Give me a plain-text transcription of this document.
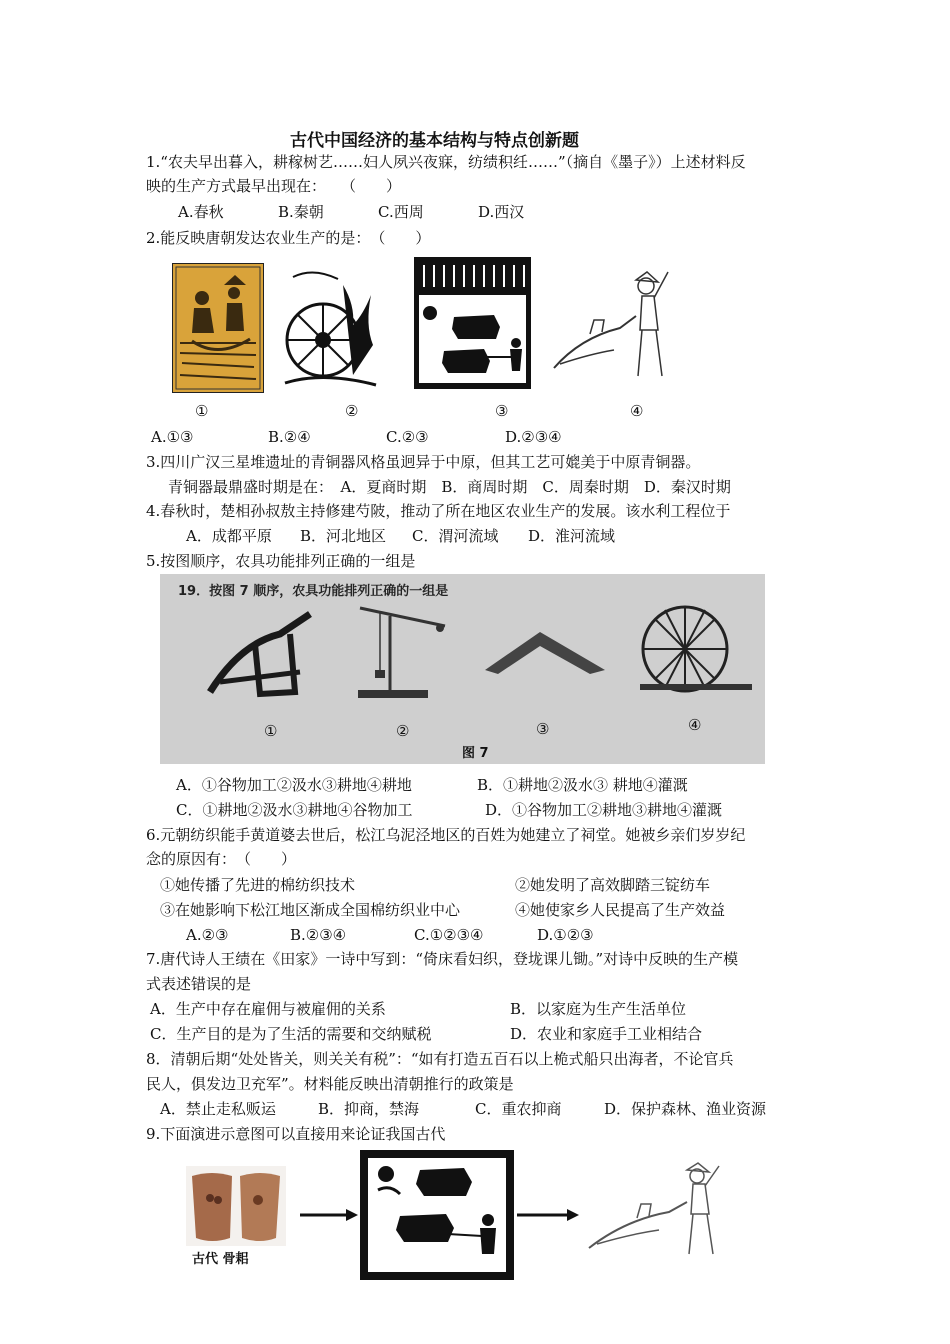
古代中国经济的基本结构与特点创新题
1.“农夫早出暮入，耕稼树艺……妇人夙兴夜寐，纺绩积纴……”（摘自《墨子》）上述材料反
映的生产方式最早出现在：　　（　　）
A.春秋	B.秦朝	C.西周	D.西汉
2.能反映唐朝发达农业生产的是：　（　　）
①	②	③	④
A.①③	B.②④	C.②③	D.②③④
3.四川广汉三星堆遗址的青铜器风格虽迥异于中原，但其工艺可媲美于中原青铜器。
青铜器最鼎盛时期是在：　A．夏商时期　B．商周时期　C．周秦时期　D．秦汉时期
4.春秋时，楚相孙叔敖主持修建芍陂，推动了所在地区农业生产的发展。该水利工程位于
A．成都平原 B．河北地区 C．渭河流域 D．淮河流域
5.按图顺序，农具功能排列正确的一组是
19．按图 7 顺序，农具功能排列正确的一组是
①	②	③	④
图 7
A．①谷物加工②汲水③耕地④耕地	B．①耕地②汲水③ 耕地④灌溉
C．①耕地②汲水③耕地④谷物加工	D．①谷物加工②耕地③耕地④灌溉
6.元朝纺织能手黄道婆去世后，松江乌泥泾地区的百姓为她建立了祠堂。她被乡亲们岁岁纪
念的原因有：　（　　）
①她传播了先进的棉纺织技术	②她发明了高效脚踏三锭纺车
③在她影响下松江地区渐成全国棉纺织业中心	④她使家乡人民提高了生产效益
A.②③	B.②③④	C.①②③④	D.①②③
7.唐代诗人王绩在《田家》一诗中写到：“倚床看妇织，登垅课儿锄。”对诗中反映的生产模
式表述错误的是
A．生产中存在雇佣与被雇佣的关系	B．以家庭为生产生活单位
C．生产目的是为了生活的需要和交纳赋税	D．农业和家庭手工业相结合
8．清朝后期“处处皆关，则关关有税”：“如有打造五百石以上桅式船只出海者，不论官兵
民人，俱发边卫充军”。材料能反映出清朝推行的政策是
A．禁止走私贩运	B．抑商，禁海	C．重农抑商	D．保护森林、渔业资源
9.下面演进示意图可以直接用来论证我国古代
古代 骨耜
